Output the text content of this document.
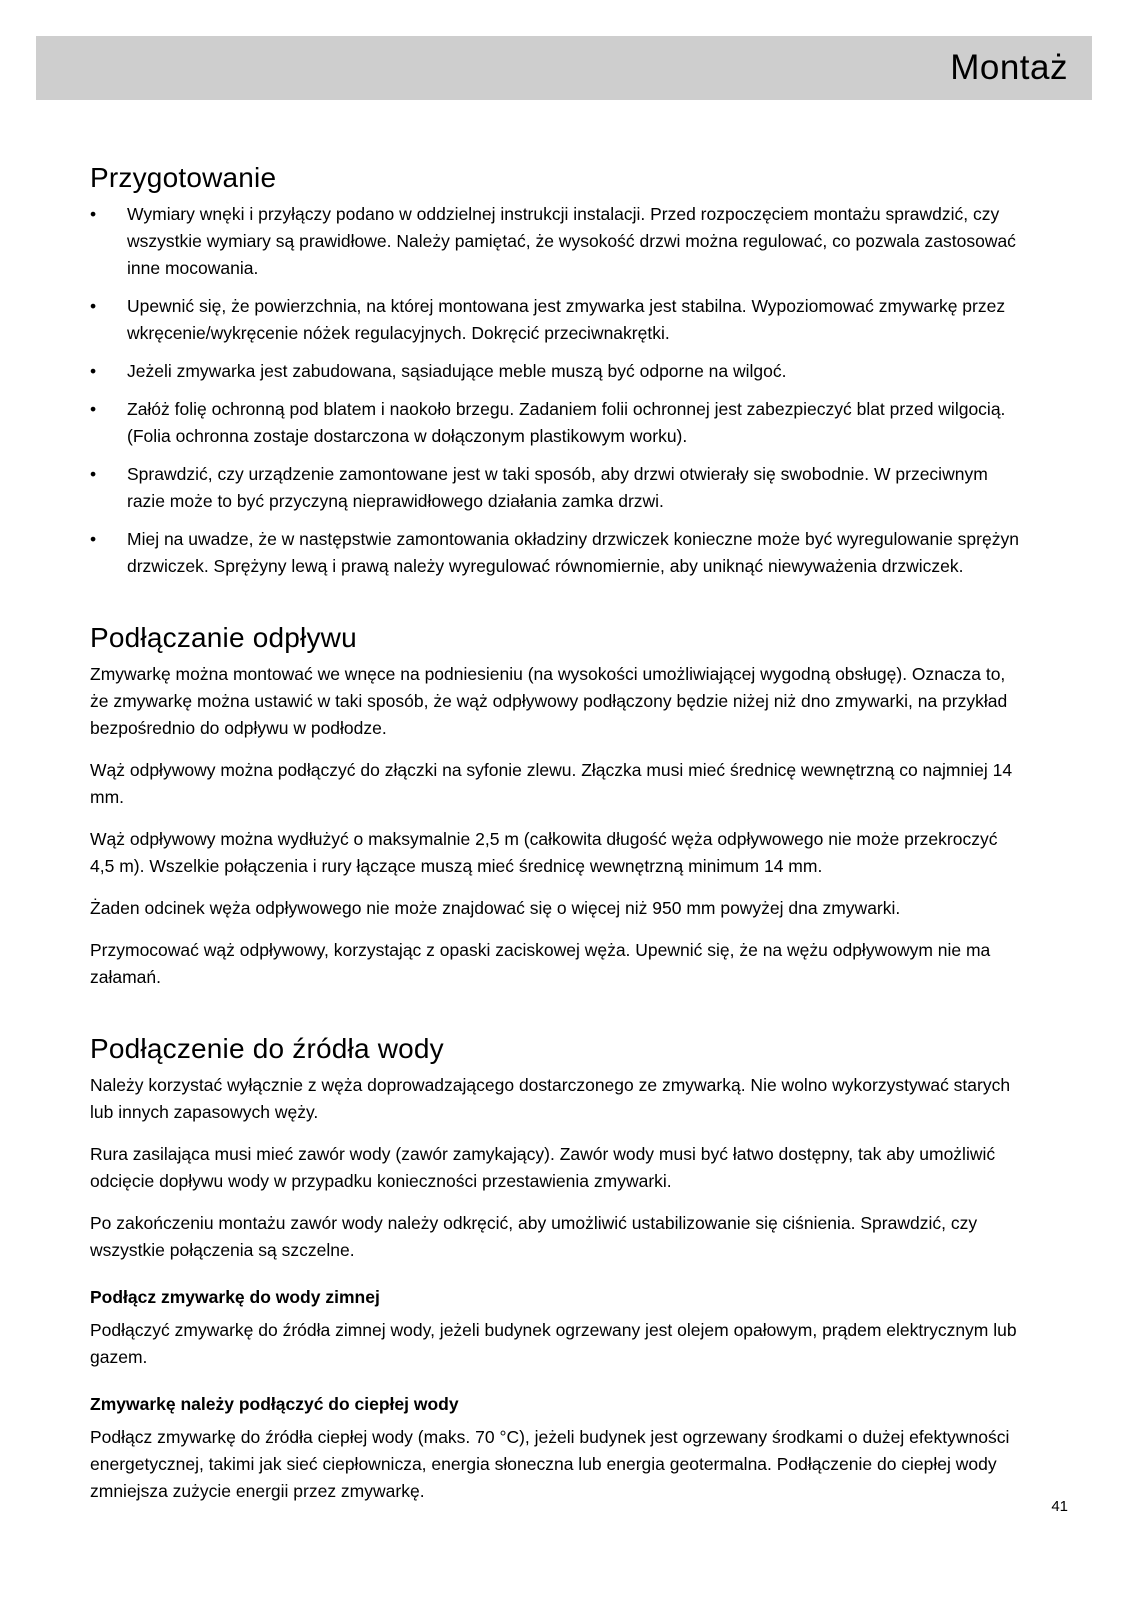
Montaż
Przygotowanie
•	Wymiary wnęki i przyłączy podano w oddzielnej instrukcji instalacji. Przed rozpoczęciem montażu sprawdzić, czy wszystkie wymiary są prawidłowe. Należy pamiętać, że wysokość drzwi można regulować, co pozwala zastosować inne mocowania.
•	Upewnić się, że powierzchnia, na której montowana jest zmywarka jest stabilna. Wypoziomować zmywarkę przez wkręcenie/wykręcenie nóżek regulacyjnych. Dokręcić przeciwnakrętki.
•	Jeżeli zmywarka jest zabudowana, sąsiadujące meble muszą być odporne na wilgoć.
•	Załóż folię ochronną pod blatem i naokoło brzegu. Zadaniem folii ochronnej jest zabezpieczyć blat przed wilgocią. (Folia ochronna zostaje dostarczona w dołączonym plastikowym worku).
•	Sprawdzić, czy urządzenie zamontowane jest w taki sposób, aby drzwi otwierały się swobodnie. W przeciwnym razie może to być przyczyną nieprawidłowego działania zamka drzwi.
•	Miej na uwadze, że w następstwie zamontowania okładziny drzwiczek konieczne może być wyregulowanie sprężyn drzwiczek. Sprężyny lewą i prawą należy wyregulować równomiernie, aby uniknąć niewyważenia drzwiczek.
Podłączanie odpływu

Zmywarkę można montować we wnęce na podniesieniu (na wysokości umożliwiającej wygodną obsługę). Oznacza to, że zmywarkę można ustawić w taki sposób, że wąż odpływowy podłączony będzie niżej niż dno zmywarki, na przykład bezpośrednio do odpływu w podłodze.

Wąż odpływowy można podłączyć do złączki na syfonie zlewu. Złączka musi mieć średnicę wewnętrzną co najmniej 14 mm.

Wąż odpływowy można wydłużyć o maksymalnie 2,5 m (całkowita długość węża odpływowego nie może przekroczyć 4,5 m). Wszelkie połączenia i rury łączące muszą mieć średnicę wewnętrzną minimum 14 mm.

Żaden odcinek węża odpływowego nie może znajdować się o więcej niż 950 mm powyżej dna zmywarki.

Przymocować wąż odpływowy, korzystając z opaski zaciskowej węża. Upewnić się, że na wężu odpływowym nie ma załamań.

Podłączenie do źródła wody

Należy korzystać wyłącznie z węża doprowadzającego dostarczonego ze zmywarką. Nie wolno wykorzystywać starych lub innych zapasowych węży.

Rura zasilająca musi mieć zawór wody (zawór zamykający). Zawór wody musi być łatwo dostępny, tak aby umożliwić odcięcie dopływu wody w przypadku konieczności przestawienia zmywarki.

Po zakończeniu montażu zawór wody należy odkręcić, aby umożliwić ustabilizowanie się ciśnienia. Sprawdzić, czy wszystkie połączenia są szczelne.

Podłącz zmywarkę do wody zimnej

Podłączyć zmywarkę do źródła zimnej wody, jeżeli budynek ogrzewany jest olejem opałowym, prądem elektrycznym lub gazem.

Zmywarkę należy podłączyć do ciepłej wody

Podłącz zmywarkę do źródła ciepłej wody (maks. 70 °C), jeżeli budynek jest ogrzewany środkami o dużej efektywności energetycznej, takimi jak sieć ciepłownicza, energia słoneczna lub energia geotermalna. Podłączenie do ciepłej wody zmniejsza zużycie energii przez zmywarkę.

41
